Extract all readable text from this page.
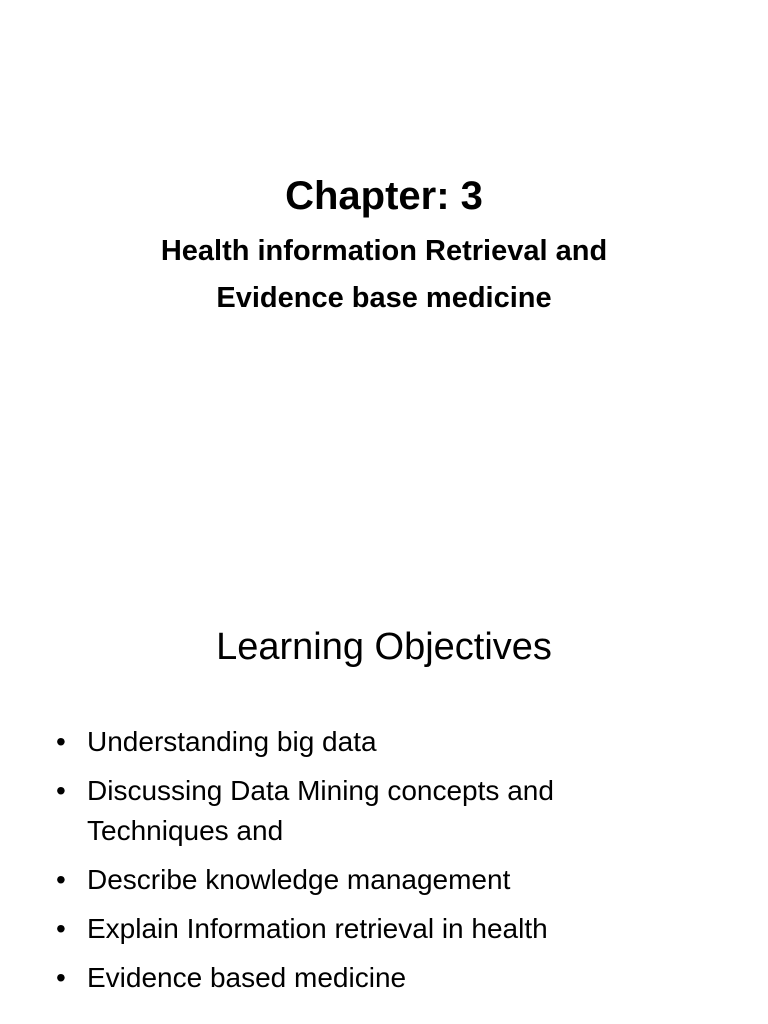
Chapter: 3
Health information Retrieval and
Evidence base medicine
Learning Objectives
• Understanding big data
• Discussing Data Mining concepts and
Techniques and
• Describe knowledge management
• Explain Information retrieval in health
• Evidence based medicine
